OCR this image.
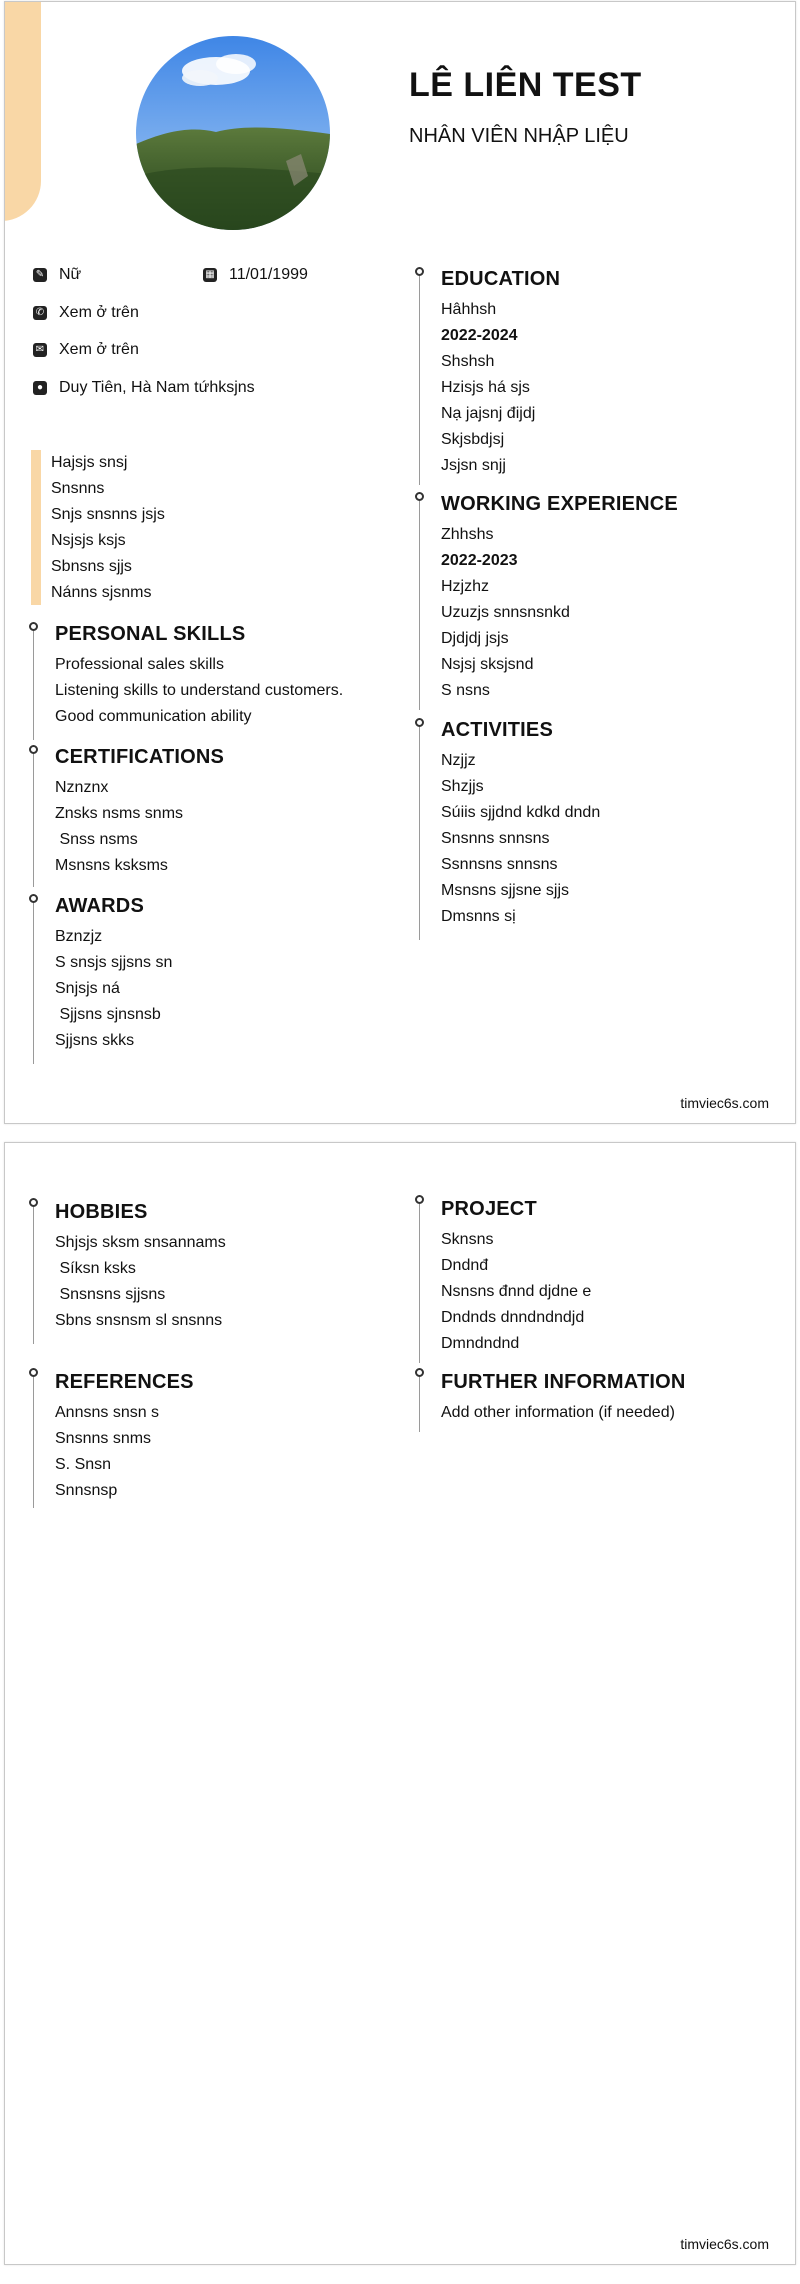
LÊ LIÊN TEST
NHÂN VIÊN NHẬP LIỆU
✎ Nữ	▦ 11/01/1999
✆ Xem ở trên
✉ Xem ở trên
● Duy Tiên, Hà Nam tứhksjns
Hajsjs snsj
Snsnns
Snjs snsnns jsjs
Nsjsjs ksjs
Sbnsns sjjs
Nánns sjsnms
PERSONAL SKILLS
Professional sales skills
Listening skills to understand customers.
Good communication ability
CERTIFICATIONS
Nznznx
Znsks nsms snms
Snss nsms
Msnsns ksksms
AWARDS
Bznzjz
S snsjs sjjsns sn
Snjsjs ná
Sjjsns sjnsnsb
Sjjsns skks
EDUCATION
Hâhhsh
2022-2024
Shshsh
Hzisjs há sjs
Nạ jajsnj đijdj
Skjsbdjsj
Jsjsn snjj
WORKING EXPERIENCE
Zhhshs
2022-2023
Hzjzhz
Uzuzjs snnsnsnkd
Djdjdj jsjs
Nsjsj sksjsnd
S nsns
ACTIVITIES
Nzjjz
Shzjjs
Súiis sjjdnd kdkd dndn
Snsnns snnsns
Ssnnsns snnsns
Msnsns sjjsne sjjs
Dmsnns sị
timviec6s.com
HOBBIES
Shjsjs sksm snsannams
Síksn ksks
Snsnsns sjjsns
Sbns snsnsm sl snsnns
REFERENCES
Annsns snsn s
Snsnns snms
S. Snsn
Snnsnsp
PROJECT
Sknsns
Dndnđ
Nsnsns đnnd djdne e
Dndnds dnndndndjd
Dmndndnd
FURTHER INFORMATION
Add other information (if needed)
timviec6s.com
